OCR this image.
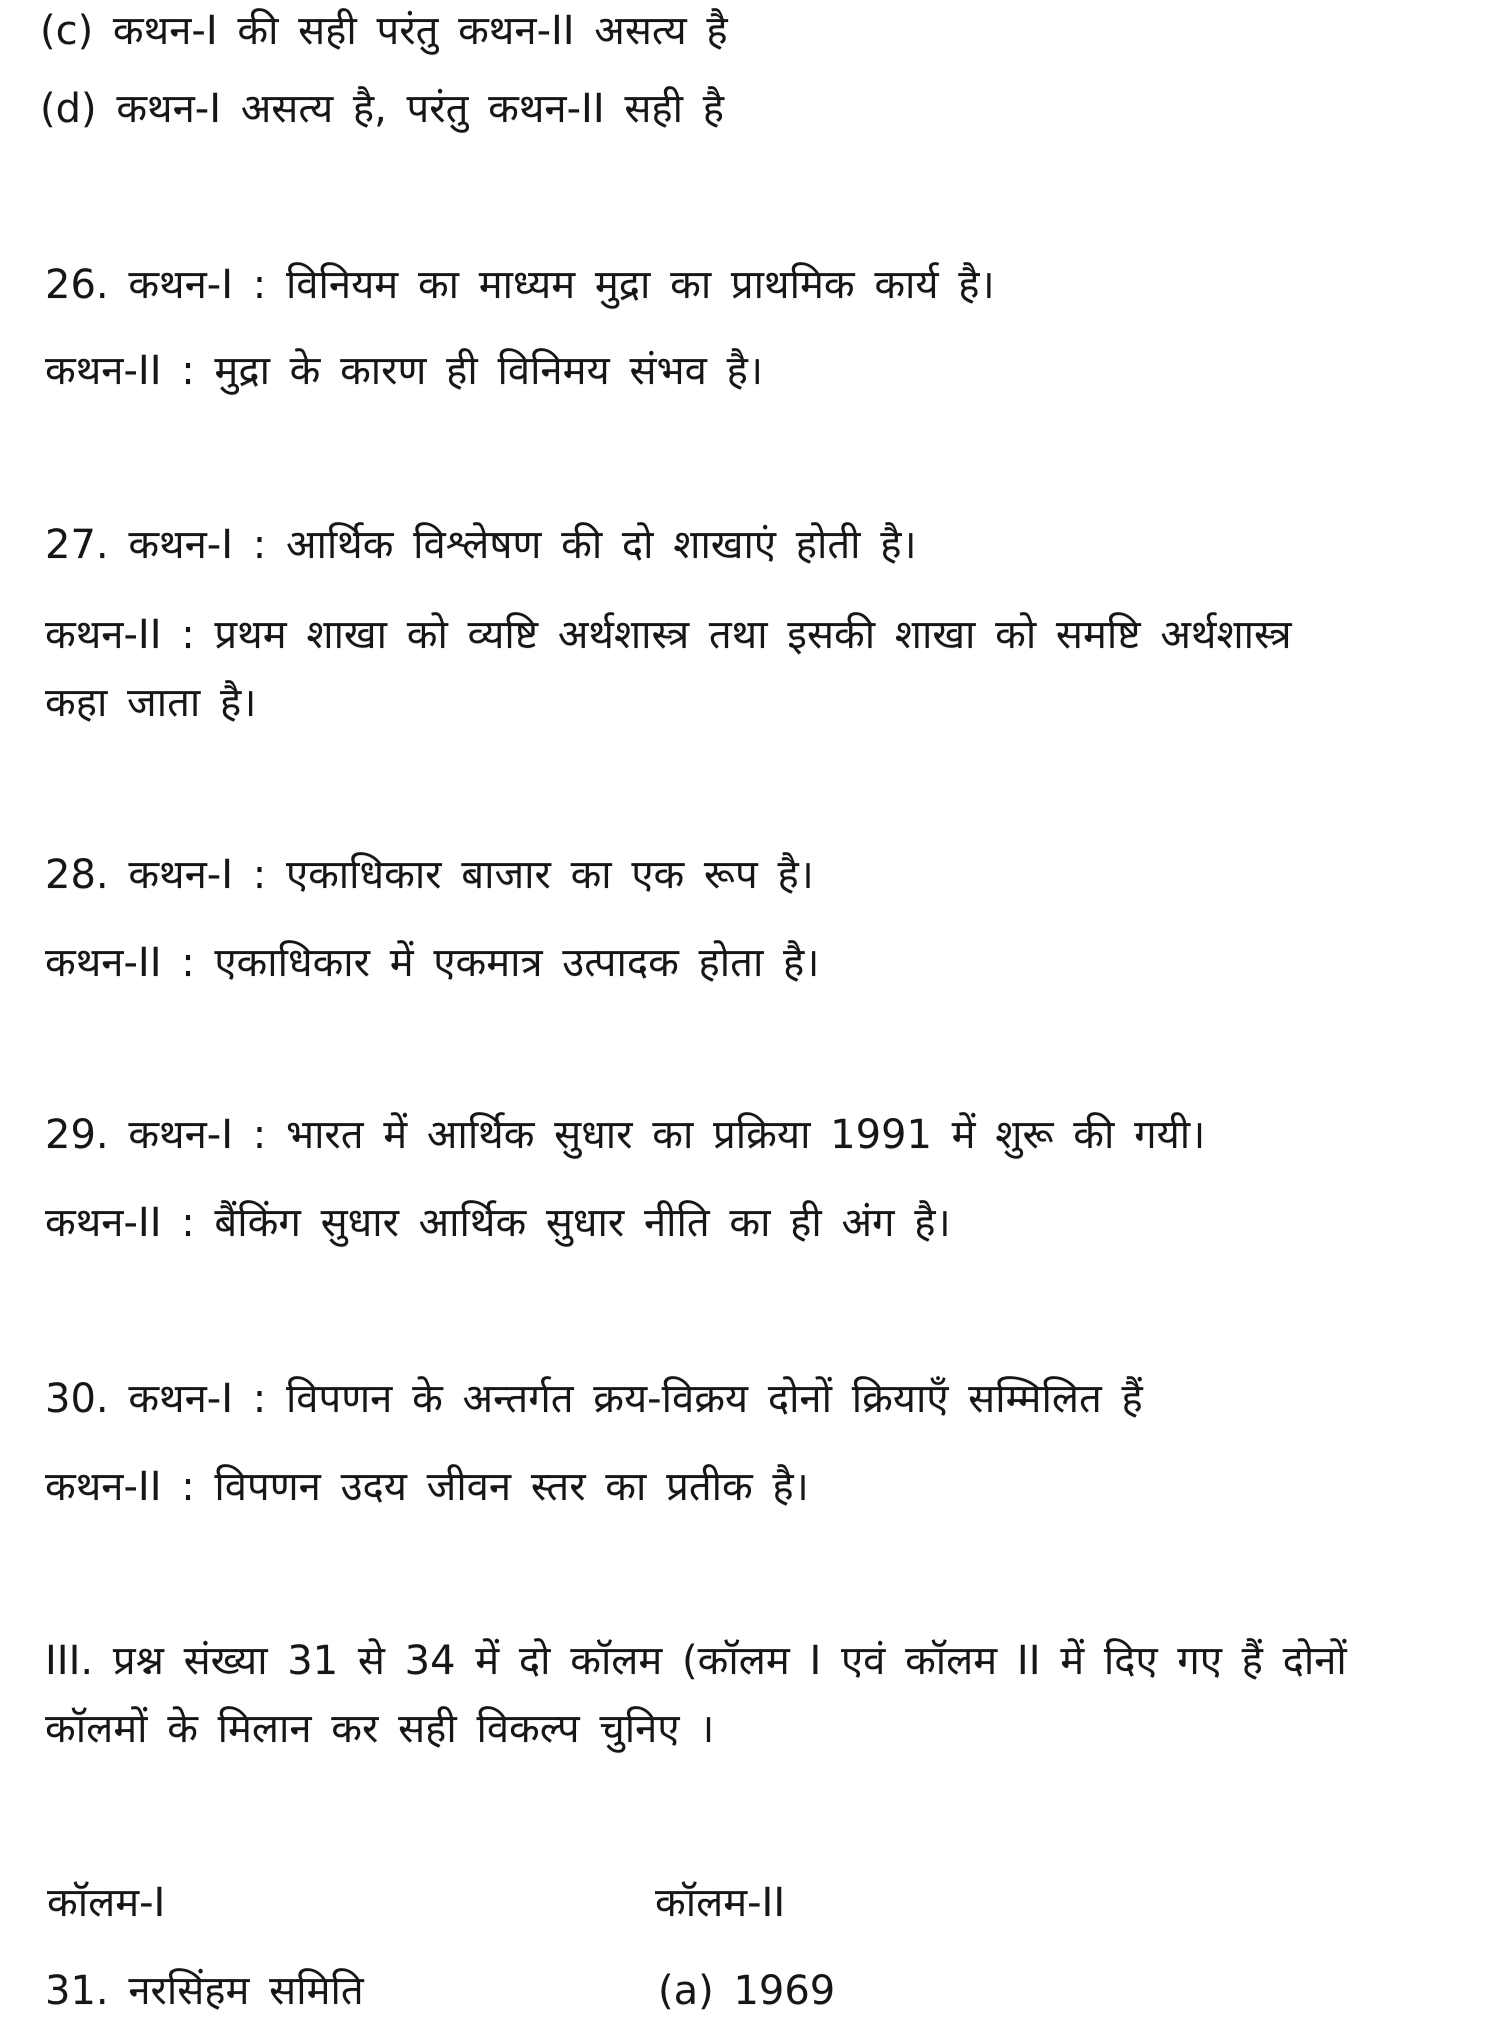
(c) कथन-I की सही परंतु कथन-II असत्य है
(d) कथन-I असत्य है, परंतु कथन-II सही है
26. कथन-I : विनियम का माध्यम मुद्रा का प्राथमिक कार्य है।
कथन-II : मुद्रा के कारण ही विनिमय संभव है।
27. कथन-I : आर्थिक विश्लेषण की दो शाखाएं होती है।
कथन-II : प्रथम शाखा को व्यष्टि अर्थशास्त्र तथा इसकी शाखा को समष्टि अर्थशास्त्र
कहा जाता है।
28. कथन-I : एकाधिकार बाजार का एक रूप है।
कथन-II : एकाधिकार में एकमात्र उत्पादक होता है।
29. कथन-I : भारत में आर्थिक सुधार का प्रक्रिया 1991 में शुरू की गयी।
कथन-II : बैंकिंग सुधार आर्थिक सुधार नीति का ही अंग है।
30. कथन-I : विपणन के अन्तर्गत क्रय-विक्रय दोनों क्रियाएँ सम्मिलित हैं
कथन-II : विपणन उदय जीवन स्तर का प्रतीक है।
III. प्रश्न संख्या 31 से 34 में दो कॉलम (कॉलम I एवं कॉलम II में दिए गए हैं दोनों
कॉलमों के मिलान कर सही विकल्प चुनिए ।
कॉलम-I	कॉलम-II
31. नरसिंहम समिति	(a) 1969
